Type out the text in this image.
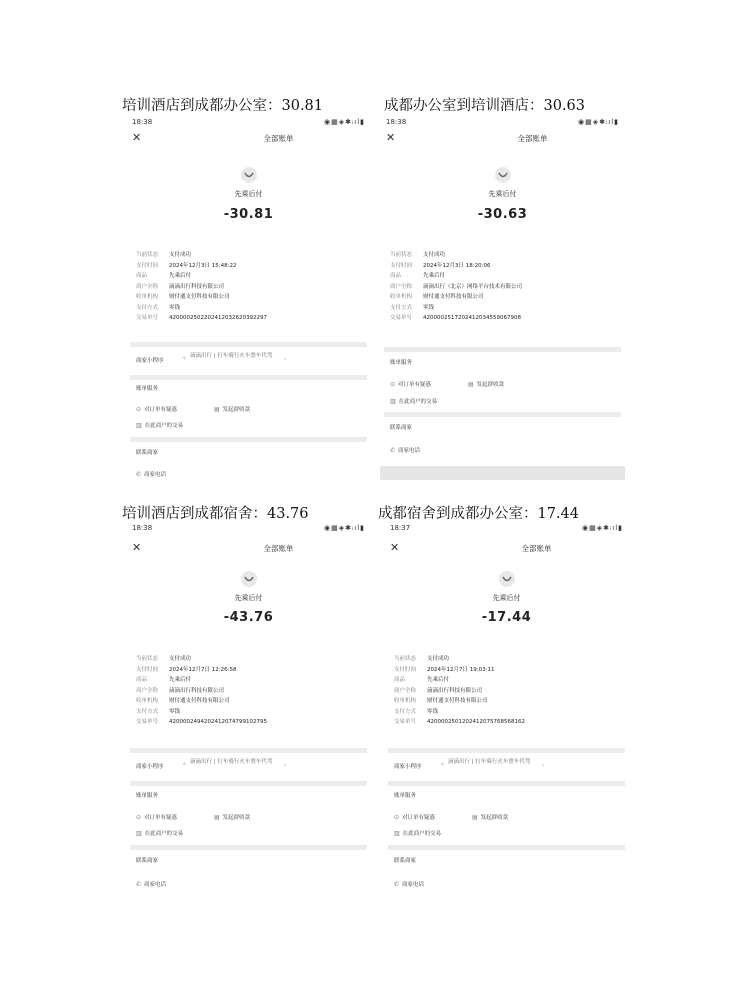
培训酒店到成都办公室：30.81
18:38	◉▦◈✱ᵢıl▮
✕	全部账单
先乘后付
-30.81
当前状态	支付成功
支付时间	2024年12月3日 15:48:22
商品	先乘后付
商户全称	滴滴出行科技有限公司
收单机构	财付通支付科技有限公司
支付方式	零钱
交易单号	4200002502202412032620392297
商家小程序	✧ 滴滴出行 | 打车骑行火车票车代驾	›
账单服务
⊙ 对订单有疑惑	▤ 发起群收款
▥ 在此商户的交易
联系商家
✆ 商家电话
成都办公室到培训酒店：30.63
18:38	◉▦◈✱ᵢıl▮
✕	全部账单
先乘后付
-30.63
当前状态	支付成功
支付时间	2024年12月3日 18:20:06
商品	先乘后付
商户全称	滴滴出行（北京）网络平台技术有限公司
收单机构	财付通支付科技有限公司
支付方式	零钱
交易单号	4200002517202412034559067908
账单服务
⊙ 对订单有疑惑	▤ 发起群收款
▥ 在此商户的交易
联系商家
✆ 商家电话
培训酒店到成都宿舍：43.76
18:38	◉▦◈✱ᵢıl▮
✕	全部账单
先乘后付
-43.76
当前状态	支付成功
支付时间	2024年12月7日 12:26:58
商品	先乘后付
商户全称	滴滴出行科技有限公司
收单机构	财付通支付科技有限公司
支付方式	零钱
交易单号	4200002494202412074799102795
商家小程序	✧ 滴滴出行 | 打车骑行火车票车代驾	›
账单服务
⊙ 对订单有疑惑	▤ 发起群收款
▥ 在此商户的交易
联系商家
✆ 商家电话
成都宿舍到成都办公室：17.44
18:37	◉▦◈✱ᵢıl▮
✕	全部账单
先乘后付
-17.44
当前状态	支付成功
支付时间	2024年12月7日 19:03:11
商品	先乘后付
商户全称	滴滴出行科技有限公司
收单机构	财付通支付科技有限公司
支付方式	零钱
交易单号	4200002501202412075768568162
商家小程序	✧ 滴滴出行 | 打车骑行火车票车代驾	›
账单服务
⊙ 对订单有疑惑	▤ 发起群收款
▥ 在此商户的交易
联系商家
✆ 商家电话
